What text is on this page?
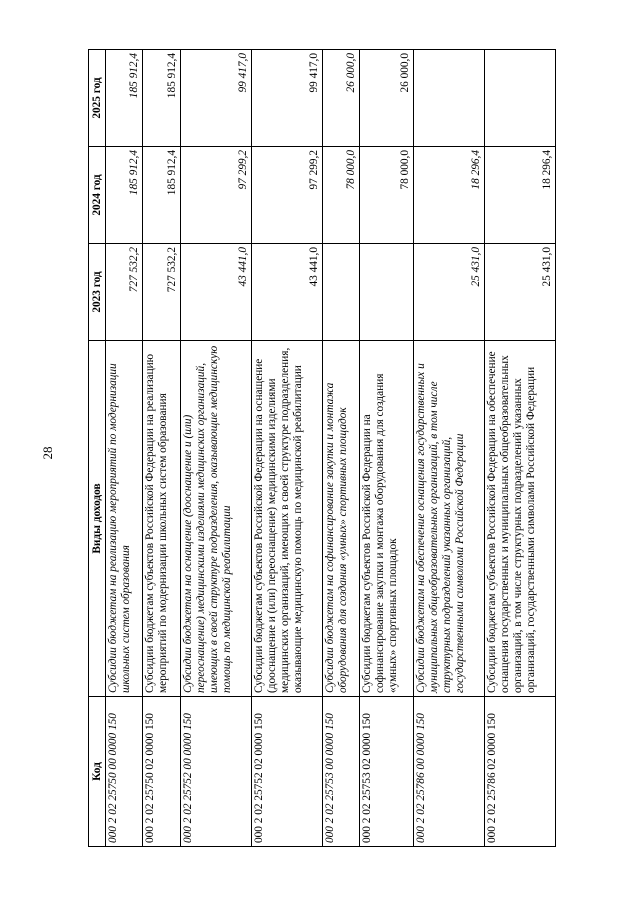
28
Код	Виды доходов	2023 год	2024 год	2025 год
000 2 02 25750 00 0000 150	Субсидии бюджетам на реализацию мероприятий по модернизации школьных систем образования	727 532,2	185 912,4	185 912,4
000 2 02 25750 02 0000 150	Субсидии бюджетам субъектов Российской Федерации на реализацию мероприятий по модернизации школьных систем образования	727 532,2	185 912,4	185 912,4
000 2 02 25752 00 0000 150	Субсидии бюджетам на оснащение (дооснащение и (или) переоснащение) медицинскими изделиями медицинских организаций, имеющих в своей структуре подразделения, оказывающие медицинскую помощь по медицинской реабилитации	43 441,0	97 299,2	99 417,0
000 2 02 25752 02 0000 150	Субсидии бюджетам субъектов Российской Федерации на оснащение (дооснащение и (или) переоснащение) медицинскими изделиями медицинских организаций, имеющих в своей структуре подразделения, оказывающие медицинскую помощь по медицинской реабилитации	43 441,0	97 299,2	99 417,0
000 2 02 25753 00 0000 150	Субсидии бюджетам на софинансирование закупки и монтажа оборудования для создания «умных» спортивных площадок		78 000,0	26 000,0
000 2 02 25753 02 0000 150	Субсидии бюджетам субъектов Российской Федерации на софинансирование закупки и монтажа оборудования для создания «умных» спортивных площадок		78 000,0	26 000,0
000 2 02 25786 00 0000 150	Субсидии бюджетам на обеспечение оснащения государственных и муниципальных общеобразовательных организаций, в том числе структурных подразделений указанных организаций, государственными символами Российской Федерации	25 431,0	18 296,4	
000 2 02 25786 02 0000 150	Субсидии бюджетам субъектов Российской Федерации на обеспечение оснащения государственных и муниципальных общеобразовательных организаций, в том числе структурных подразделений указанных организаций, государственными символами Российской Федерации	25 431,0	18 296,4	
